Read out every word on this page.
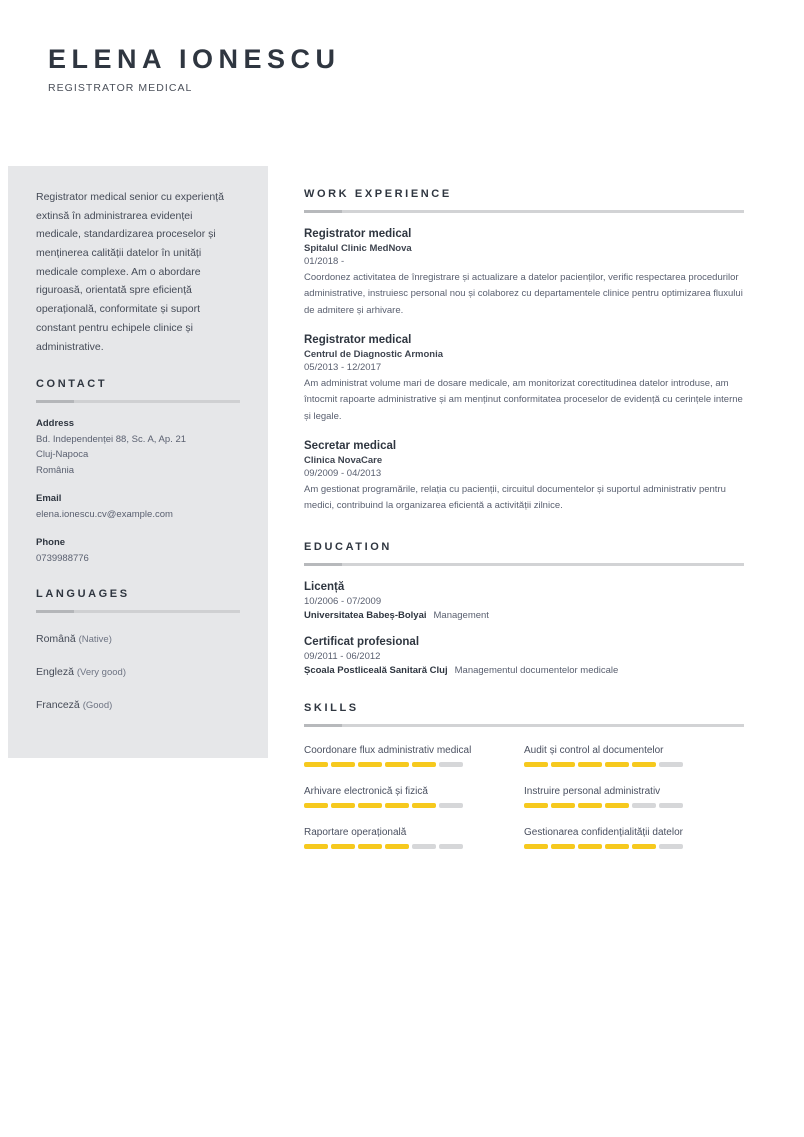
ELENA IONESCU
REGISTRATOR MEDICAL
Registrator medical senior cu experiență extinsă în administrarea evidenței medicale, standardizarea proceselor și menținerea calității datelor în unități medicale complexe. Am o abordare riguroasă, orientată spre eficiență operațională, conformitate și suport constant pentru echipele clinice și administrative.
CONTACT
Address
Bd. Independenței 88, Sc. A, Ap. 21
Cluj-Napoca
România
Email
elena.ionescu.cv@example.com
Phone
0739988776
LANGUAGES
Română (Native)
Engleză (Very good)
Franceză (Good)
WORK EXPERIENCE
Registrator medical
Spitalul Clinic MedNova
01/2018 -
Coordonez activitatea de înregistrare și actualizare a datelor pacienților, verific respectarea procedurilor administrative, instruiesc personal nou și colaborez cu departamentele clinice pentru optimizarea fluxului de admitere și arhivare.
Registrator medical
Centrul de Diagnostic Armonia
05/2013 - 12/2017
Am administrat volume mari de dosare medicale, am monitorizat corectitudinea datelor introduse, am întocmit rapoarte administrative și am menținut conformitatea proceselor de evidență cu cerințele interne și legale.
Secretar medical
Clinica NovaCare
09/2009 - 04/2013
Am gestionat programările, relația cu pacienții, circuitul documentelor și suportul administrativ pentru medici, contribuind la organizarea eficientă a activității zilnice.
EDUCATION
Licență
10/2006 - 07/2009
Universitatea Babeș-Bolyai Management
Certificat profesional
09/2011 - 06/2012
Școala Postliceală Sanitară Cluj Managementul documentelor medicale
SKILLS
Coordonare flux administrativ medical	Audit și control al documentelor
Arhivare electronică și fizică	Instruire personal administrativ
Raportare operațională	Gestionarea confidențialității datelor
